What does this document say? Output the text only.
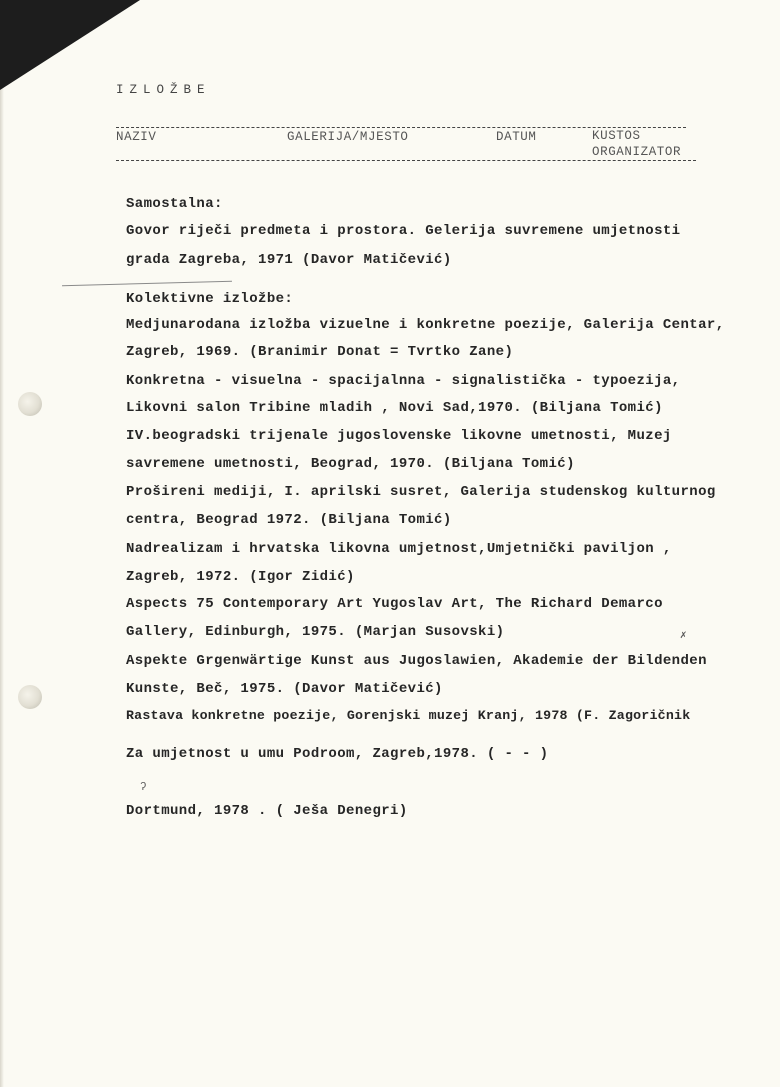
IZLOŽBE
NAZIV	GALERIJA/MJESTO	DATUM	KUSTOS
ORGANIZATOR
Samostalna:
Govor riječi predmeta i prostora. Gelerija suvremene umjetnosti
grada Zagreba, 1971 (Davor Matičević)
Kolektivne izložbe:
Medjunarodana izložba vizuelne i konkretne poezije, Galerija Centar,
Zagreb, 1969. (Branimir Donat = Tvrtko Zane)
Konkretna - visuelna - spacijalnna - signalistička - typoezija,
Likovni salon Tribine mladih , Novi Sad,1970. (Biljana Tomić)
IV.beogradski trijenale jugoslovenske likovne umetnosti, Muzej
savremene umetnosti, Beograd, 1970. (Biljana Tomić)
Prošireni mediji, I. aprilski susret, Galerija studenskog kulturnog
centra, Beograd 1972. (Biljana Tomić)
Nadrealizam i hrvatska likovna umjetnost,Umjetnički paviljon ,
Zagreb, 1972. (Igor Zidić)
Aspects 75 Contemporary Art Yugoslav Art, The Richard Demarco
Gallery, Edinburgh, 1975. (Marjan Susovski)
Aspekte Grgenwärtige Kunst aus Jugoslawien, Akademie der Bildenden
Kunste, Beč, 1975. (Davor Matičević)
Rastava konkretne poezije, Gorenjski muzej Kranj, 1978 (F. Zagoričnik
Za umjetnost u umu Podroom, Zagreb,1978. ( - - )
Dortmund, 1978 . ( Ješa Denegri)
✗
ʔ
